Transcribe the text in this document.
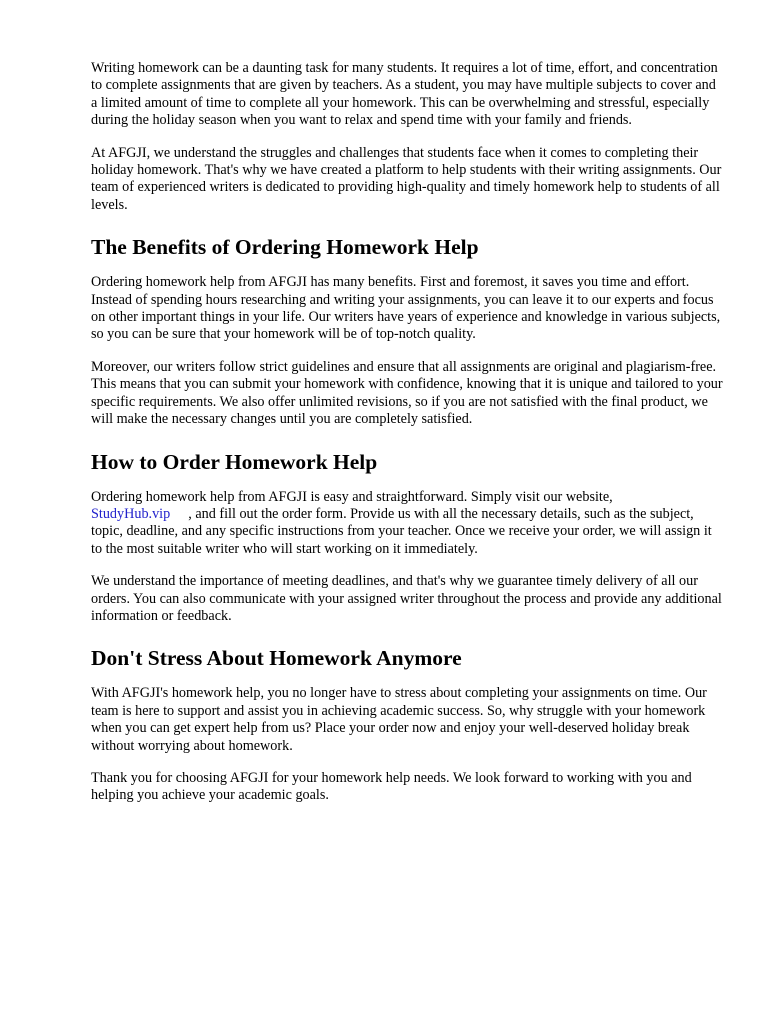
Writing homework can be a daunting task for many students. It requires a lot of time, effort, and concentration to complete assignments that are given by teachers. As a student, you may have multiple subjects to cover and a limited amount of time to complete all your homework. This can be overwhelming and stressful, especially during the holiday season when you want to relax and spend time with your family and friends.

At AFGJI, we understand the struggles and challenges that students face when it comes to completing their holiday homework. That's why we have created a platform to help students with their writing assignments. Our team of experienced writers is dedicated to providing high-quality and timely homework help to students of all levels.

The Benefits of Ordering Homework Help

Ordering homework help from AFGJI has many benefits. First and foremost, it saves you time and effort. Instead of spending hours researching and writing your assignments, you can leave it to our experts and focus on other important things in your life. Our writers have years of experience and knowledge in various subjects, so you can be sure that your homework will be of top-notch quality.

Moreover, our writers follow strict guidelines and ensure that all assignments are original and plagiarism-free. This means that you can submit your homework with confidence, knowing that it is unique and tailored to your specific requirements. We also offer unlimited revisions, so if you are not satisfied with the final product, we will make the necessary changes until you are completely satisfied.

How to Order Homework Help

Ordering homework help from AFGJI is easy and straightforward. Simply visit our website,
StudyHub.vip , and fill out the order form. Provide us with all the necessary details, such as the subject, topic, deadline, and any specific instructions from your teacher. Once we receive your order, we will assign it to the most suitable writer who will start working on it immediately.

We understand the importance of meeting deadlines, and that's why we guarantee timely delivery of all our orders. You can also communicate with your assigned writer throughout the process and provide any additional information or feedback.

Don't Stress About Homework Anymore

With AFGJI's homework help, you no longer have to stress about completing your assignments on time. Our team is here to support and assist you in achieving academic success. So, why struggle with your homework when you can get expert help from us? Place your order now and enjoy your well-deserved holiday break without worrying about homework.

Thank you for choosing AFGJI for your homework help needs. We look forward to working with you and helping you achieve your academic goals.
